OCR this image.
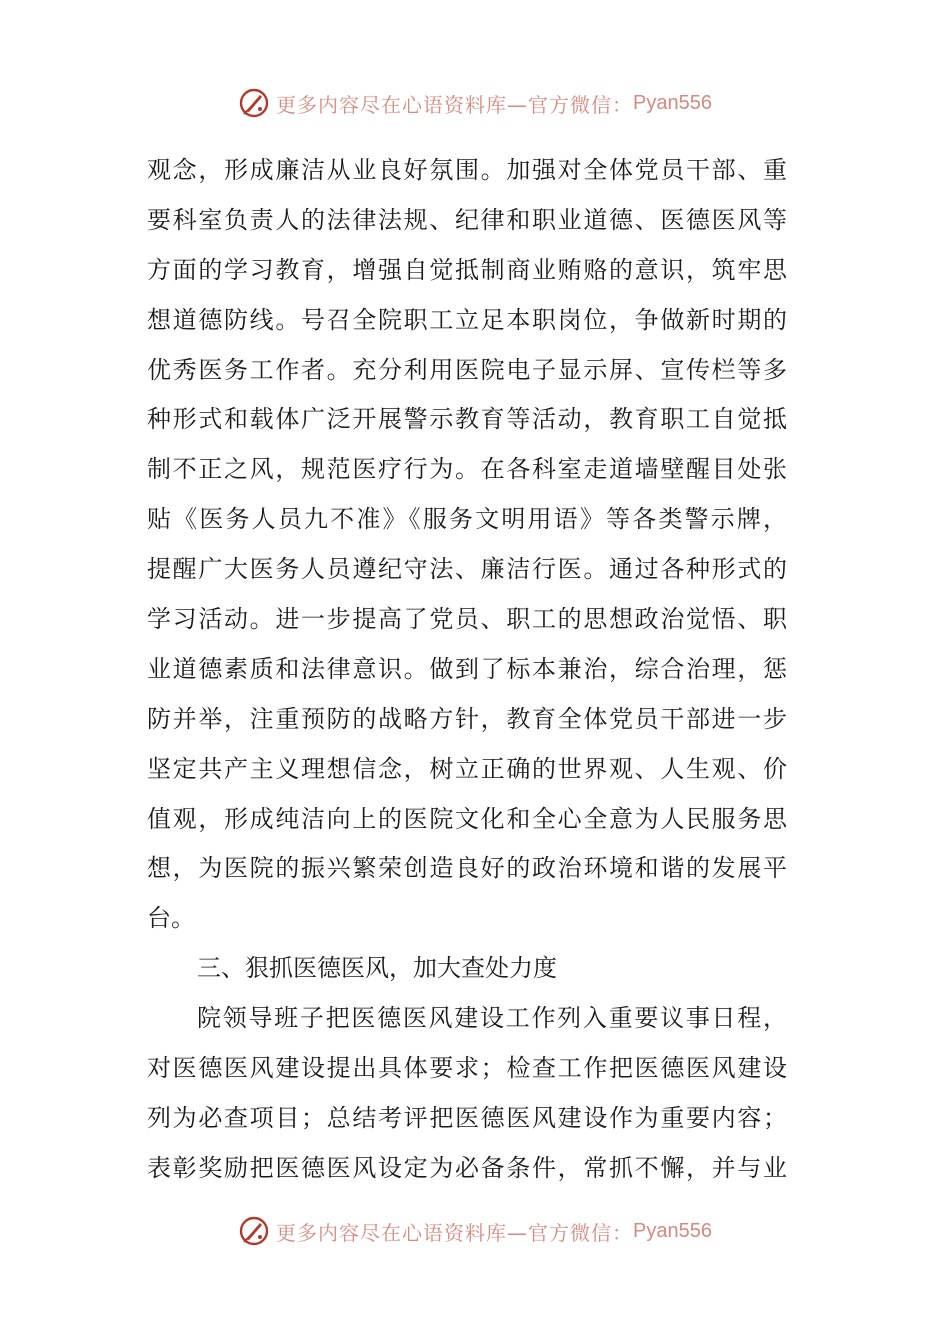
更多内容尽在心语资料库—官方微信： Pyan556
观念，形成廉洁从业良好氛围。加强对全体党员干部、重
要科室负责人的法律法规、纪律和职业道德、医德医风等
方面的学习教育，增强自觉抵制商业贿赂的意识，筑牢思
想道德防线。号召全院职工立足本职岗位，争做新时期的
优秀医务工作者。充分利用医院电子显示屏、宣传栏等多
种形式和载体广泛开展警示教育等活动，教育职工自觉抵
制不正之风，规范医疗行为。在各科室走道墙壁醒目处张
贴《医务人员九不准》《服务文明用语》等各类警示牌，
提醒广大医务人员遵纪守法、廉洁行医。通过各种形式的
学习活动。进一步提高了党员、职工的思想政治觉悟、职
业道德素质和法律意识。做到了标本兼治，综合治理，惩
防并举，注重预防的战略方针，教育全体党员干部进一步
坚定共产主义理想信念，树立正确的世界观、人生观、价
值观，形成纯洁向上的医院文化和全心全意为人民服务思
想，为医院的振兴繁荣创造良好的政治环境和谐的发展平
台。
三、狠抓医德医风，加大查处力度
院领导班子把医德医风建设工作列入重要议事日程，
对医德医风建设提出具体要求；检查工作把医德医风建设
列为必查项目；总结考评把医德医风建设作为重要内容；
表彰奖励把医德医风设定为必备条件，常抓不懈，并与业
更多内容尽在心语资料库—官方微信： Pyan556
